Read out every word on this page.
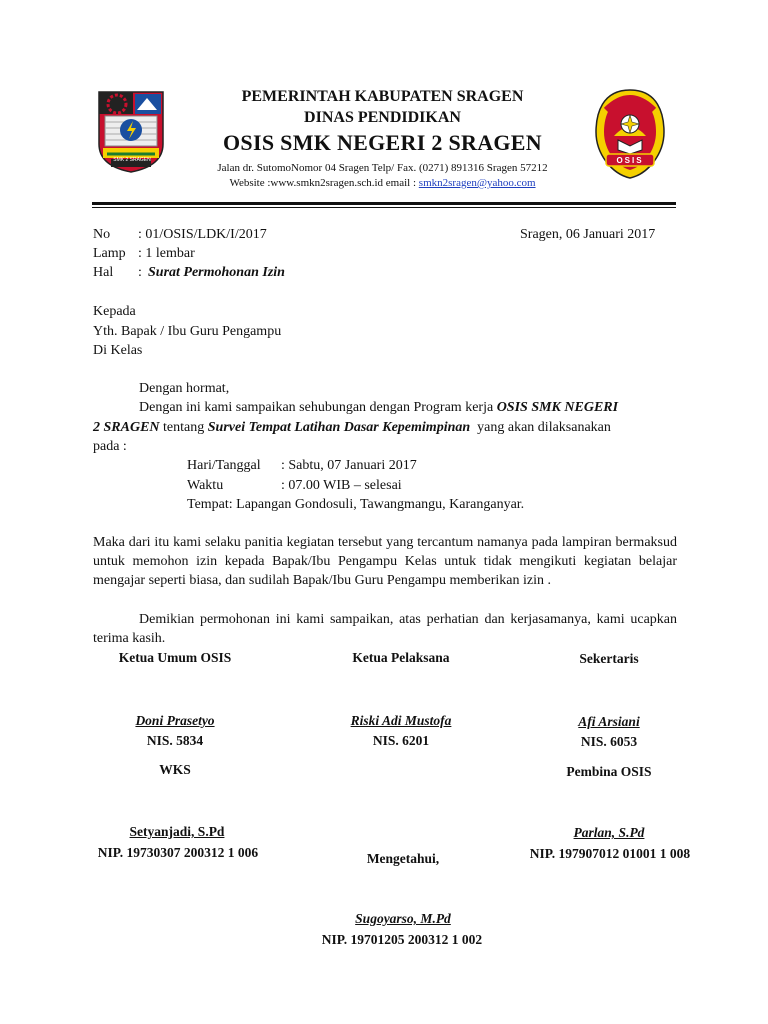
SMK 2 SRAGEN	OSIS
PEMERINTAH KABUPATEN SRAGEN
DINAS PENDIDIKAN
OSIS SMK NEGERI 2 SRAGEN
Jalan dr. SutomoNomor 04 Sragen Telp/ Fax. (0271) 891316 Sragen 57212
Website :www.smkn2sragen.sch.id email : smkn2sragen@yahoo.com
No : 01/OSIS/LDK/I/2017
Lamp : 1 lembar
Hal : Surat Permohonan Izin
Sragen, 06 Januari 2017
Kepada
Yth. Bapak / Ibu Guru Pengampu
Di Kelas
Dengan hormat,
Dengan ini kami sampaikan sehubungan dengan Program kerja OSIS SMK NEGERI
2 SRAGEN tentang Survei Tempat Latihan Dasar Kepemimpinan  yang akan dilaksanakan
pada :
Hari/Tanggal : Sabtu, 07 Januari 2017
Waktu	: 07.00 WIB – selesai
Tempat: Lapangan Gondosuli, Tawangmangu, Karanganyar.
Maka dari itu kami selaku panitia kegiatan tersebut yang tercantum namanya pada lampiran bermaksud untuk memohon izin kepada Bapak/Ibu Pengampu Kelas untuk tidak mengikuti kegiatan belajar mengajar seperti biasa, dan sudilah Bapak/Ibu Guru Pengampu memberikan izin .
Demikian permohonan ini kami sampaikan, atas perhatian dan kerjasamanya, kami ucapkan terima kasih.
Ketua Umum OSIS
Doni Prasetyo
NIS. 5834
Ketua Pelaksana
Riski Adi Mustofa
NIS. 6201
Sekertaris
Afi Arsiani
NIS. 6053
WKS
Setyanjadi, S.Pd
NIP. 19730307 200312 1 006
Pembina OSIS
Parlan, S.Pd
NIP. 197907012 01001 1 008
Mengetahui,
Sugoyarso, M.Pd
NIP. 19701205 200312 1 002
